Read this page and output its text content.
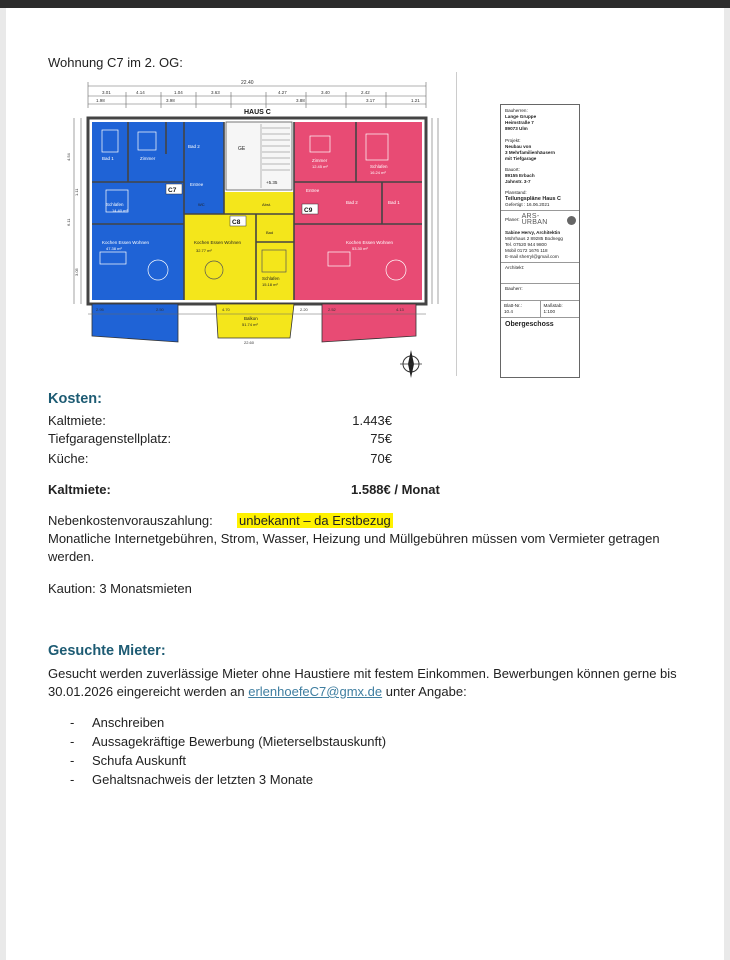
Wohnung C7 im 2. OG:
22.40
3.01	4.14	1.04	3.63	4.27	3.40	2.42
1.98	3.98	3.88	3.17	1.21
HAUS C
4.54
6.11
1.11
3.05
GE
+5.35
C7
C8
C9
Bad 1	Zimmer
Bad 2
Entree
Schlafen
14.40 m²
Kochen Essen Wohnen
47.38 m²
WC	Abst.
Bad
Kochen Essen Wohnen
32.77 m²
Schlafen
15.18 m²
Zimmer
12.45 m²	Schlafen
16.24 m²
Entree
Bad 2	Bad 1
Kochen Essen Wohnen
53.30 m²
Balkon
51.74 m²
2.95	2.50	4.70	2.20	2.52	4.13
22.60
Bauherren:
Lange Gruppe
Heimstraße 7
89073 Ulm
Projekt:
Neubau von
3 Mehrfamilienhäusern
mit Tiefgarage
Bauort:
89155 Erbach
Jahnstr. 3-7
Planstand:
Teilungspläne Haus C
Gefertigt : 16.06.2021
Planer: ARS-URBAN
Sabine Hervy, Architektin
Mührhaus 2 89285 Bodnegg
Tel. 07520 944 9800
Mobil 0172 1676 118
E-mail sherryl@gmail.com
Architekt:
Bauherr:
Blatt-Nr.:
10.4
Maßstab:
1:100
Obergeschoss
Kosten:
Kaltmiete:	1.443€
Tiefgaragenstellplatz:	75€
Küche:	70€
Kaltmiete:	1.588€ / Monat
Nebenkostenvorauszahlung: unbekannt – da Erstbezug
Monatliche Internetgebühren, Strom, Wasser, Heizung und Müllgebühren müssen vom Vermieter getragen werden.
Kaution: 3 Monatsmieten
Gesuchte Mieter:
Gesucht werden zuverlässige Mieter ohne Haustiere mit festem Einkommen. Bewerbungen können gerne bis 30.01.2026 eingereicht werden an erlenhoefeC7@gmx.de unter Angabe:
- Anschreiben
- Aussagekräftige Bewerbung (Mieterselbstauskunft)
- Schufa Auskunft
- Gehaltsnachweis der letzten 3 Monate
